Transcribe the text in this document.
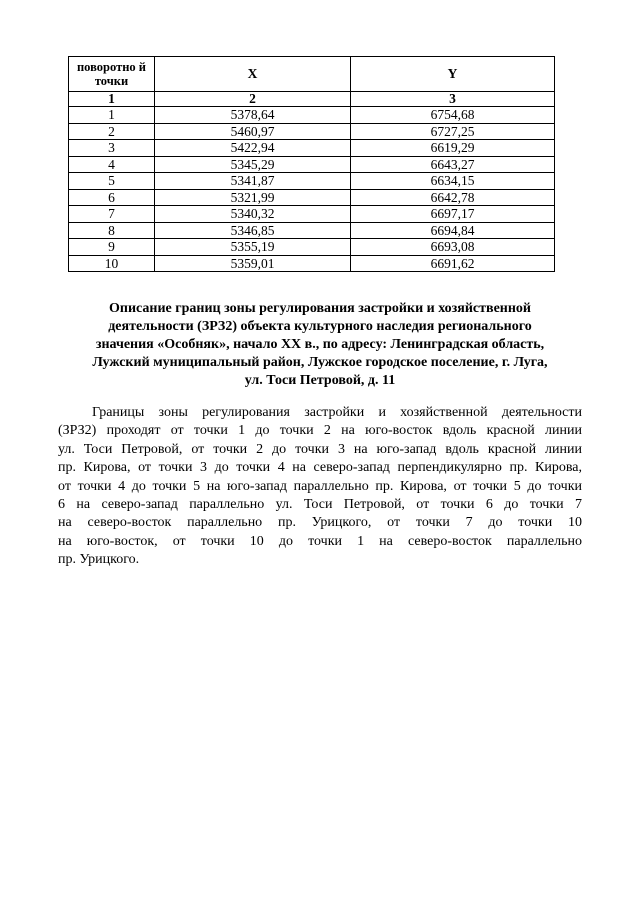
поворотно й точки	X	Y
1	2	3
1	5378,64	6754,68
2	5460,97	6727,25
3	5422,94	6619,29
4	5345,29	6643,27
5	5341,87	6634,15
6	5321,99	6642,78
7	5340,32	6697,17
8	5346,85	6694,84
9	5355,19	6693,08
10	5359,01	6691,62
Описание границ зоны регулирования застройки и хозяйственной
деятельности (ЗРЗ2) объекта культурного наследия регионального
значения «Особняк», начало XX в., по адресу: Ленинградская область,
Лужский муниципальный район, Лужское городское поселение, г. Луга,
ул. Тоси Петровой, д. 11
Границы зоны регулирования застройки и хозяйственной деятельности
(ЗРЗ2) проходят от точки 1 до точки 2 на юго-восток вдоль красной линии
ул. Тоси Петровой, от точки 2 до точки 3 на юго-запад вдоль красной линии
пр. Кирова, от точки 3 до точки 4 на северо-запад перпендикулярно пр. Кирова,
от точки 4 до точки 5 на юго-запад параллельно пр. Кирова, от точки 5 до точки
6 на северо-запад параллельно ул. Тоси Петровой, от точки 6 до точки 7
на северо-восток параллельно пр. Урицкого, от точки 7 до точки 10
на юго-восток, от точки 10 до точки 1 на северо-восток параллельно
пр. Урицкого.
